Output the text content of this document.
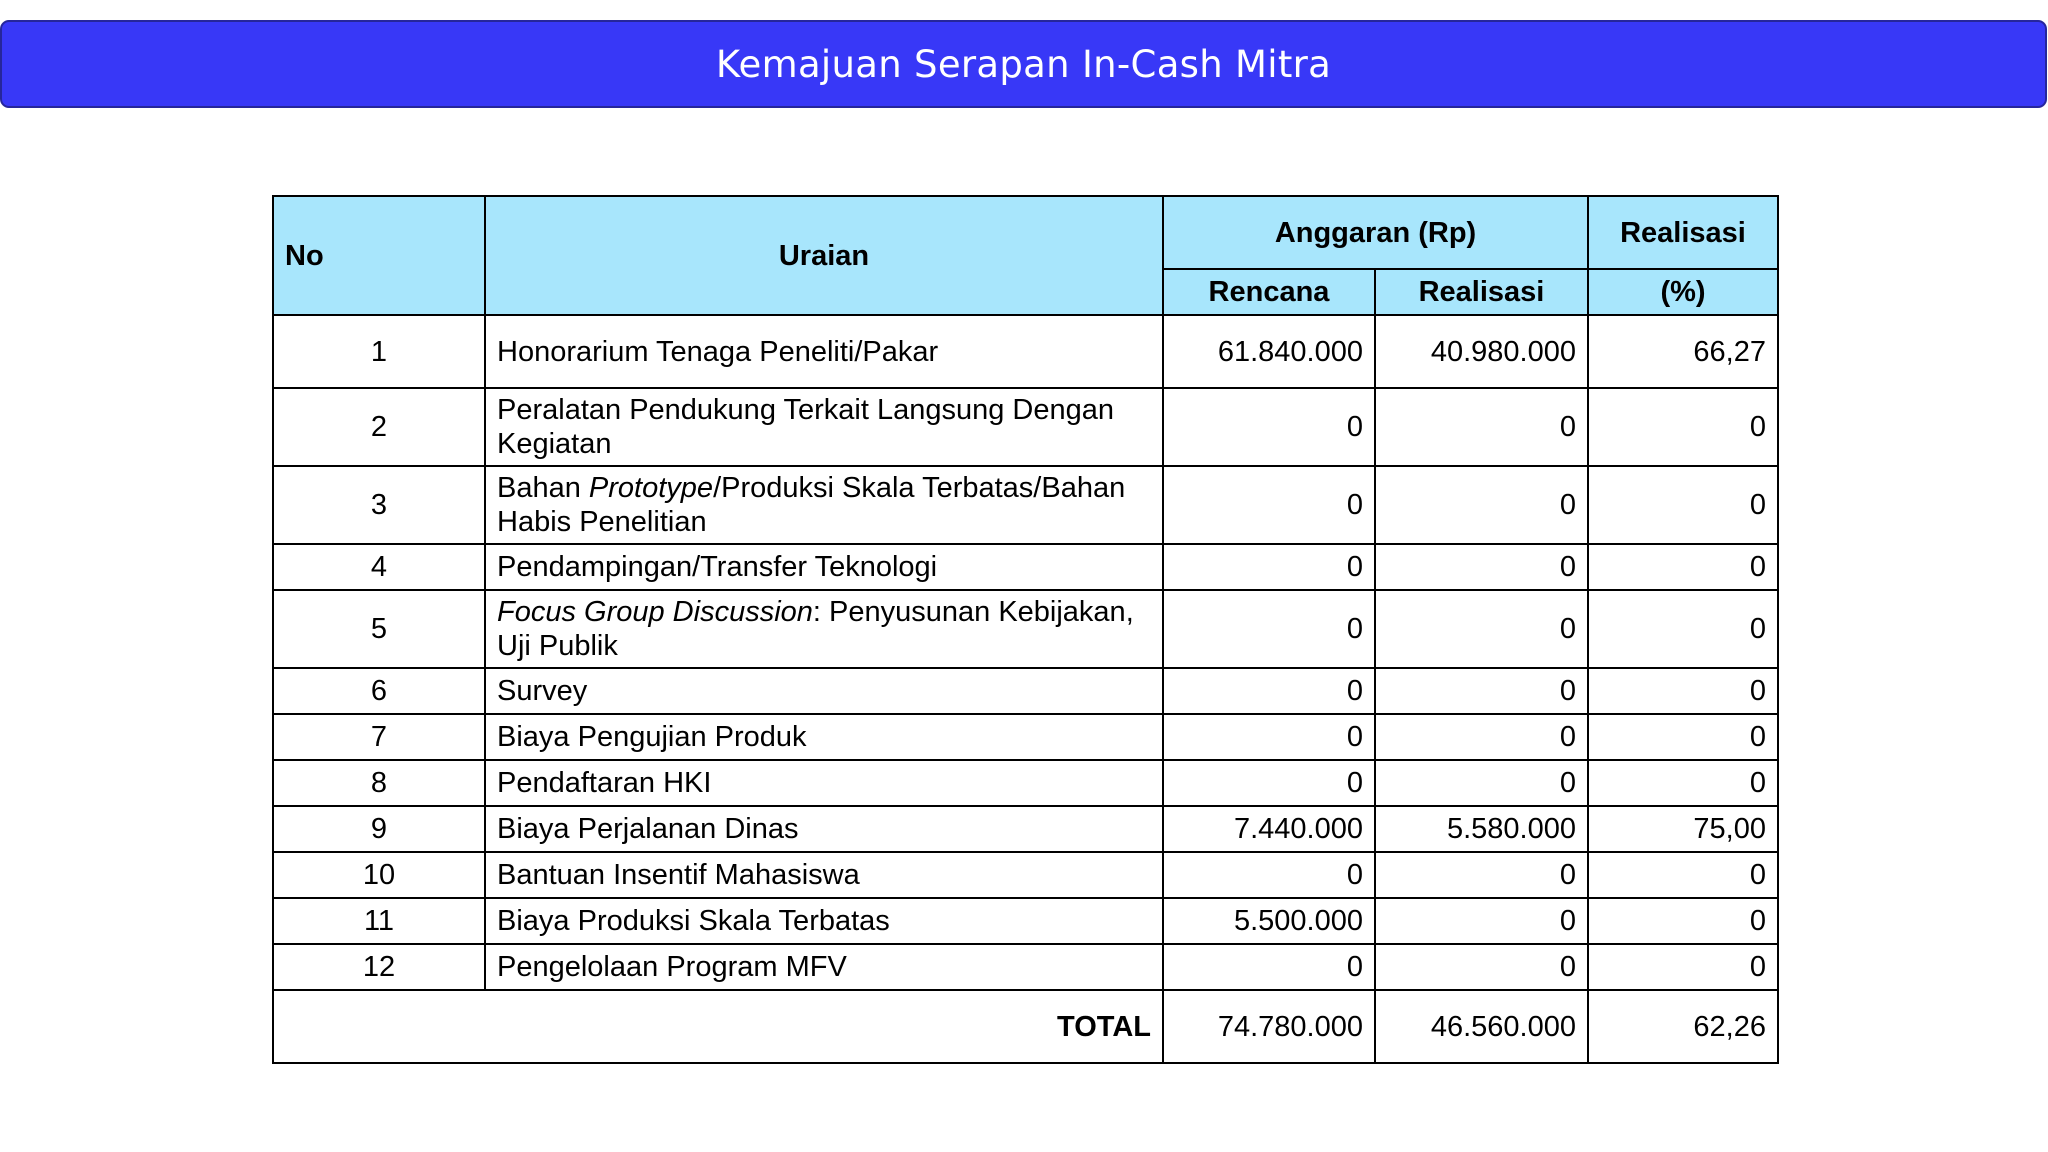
Kemajuan Serapan In-Cash Mitra
No	Uraian	Anggaran (Rp)		Realisasi
		Rencana	Realisasi	(%)
1	Honorarium Tenaga Peneliti/Pakar	61.840.000	40.980.000	66,27
2	Peralatan Pendukung Terkait Langsung Dengan Kegiatan	0	0	0
3	Bahan Prototype/Produksi Skala Terbatas/Bahan Habis Penelitian	0	0	0
4	Pendampingan/Transfer Teknologi	0	0	0
5	Focus Group Discussion: Penyusunan Kebijakan, Uji Publik	0	0	0
6	Survey	0	0	0
7	Biaya Pengujian Produk	0	0	0
8	Pendaftaran HKI	0	0	0
9	Biaya Perjalanan Dinas	7.440.000	5.580.000	75,00
10	Bantuan Insentif Mahasiswa	0	0	0
11	Biaya Produksi Skala Terbatas	5.500.000	0	0
12	Pengelolaan Program MFV	0	0	0
TOTAL		74.780.000	46.560.000	62,26
